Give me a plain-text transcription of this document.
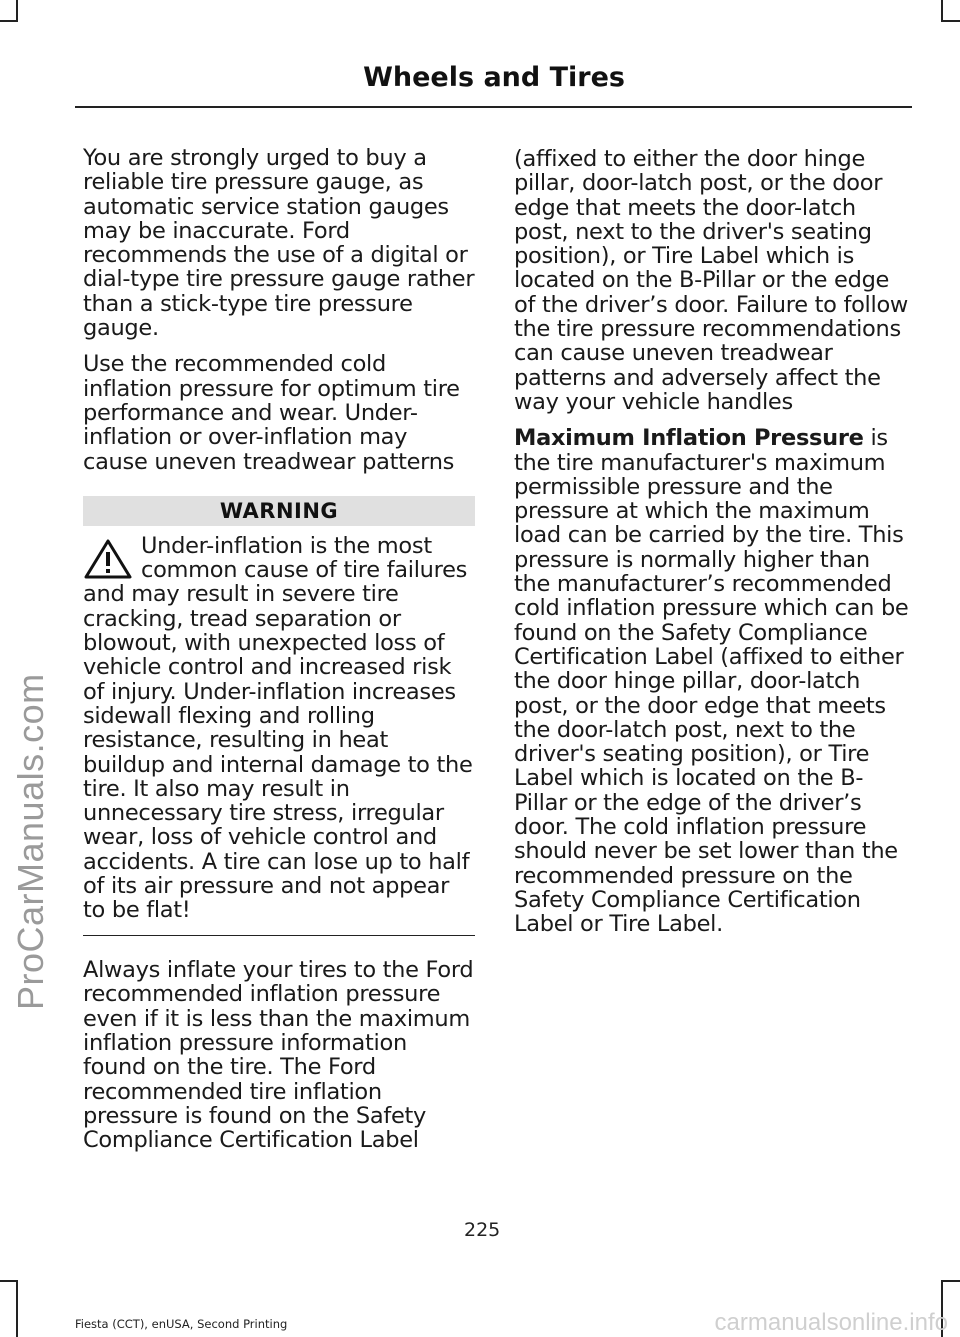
ProCarManuals.com
Wheels and Tires

You are strongly urged to buy a reliable tire pressure gauge, as automatic service station gauges may be inaccurate. Ford recommends the use of a digital or dial-type tire pressure gauge rather than a stick-type tire pressure gauge.

Use the recommended cold inflation pressure for optimum tire performance and wear. Under-inflation or over-inflation may cause uneven treadwear patterns

WARNING
Under-inflation is the most common cause of tire failures and may result in severe tire cracking, tread separation or blowout, with unexpected loss of vehicle control and increased risk of injury. Under-inflation increases sidewall flexing and rolling resistance, resulting in heat buildup and internal damage to the tire. It also may result in unnecessary tire stress, irregular wear, loss of vehicle control and accidents. A tire can lose up to half of its air pressure and not appear to be flat!

Always inflate your tires to the Ford recommended inflation pressure even if it is less than the maximum inflation pressure information found on the tire. The Ford recommended tire inflation pressure is found on the Safety Compliance Certification Label

(affixed to either the door hinge pillar, door-latch post, or the door edge that meets the door-latch post, next to the driver's seating position), or Tire Label which is located on the B-Pillar or the edge of the driver’s door. Failure to follow the tire pressure recommendations can cause uneven treadwear patterns and adversely affect the way your vehicle handles

Maximum Inflation Pressure is the tire manufacturer's maximum permissible pressure and the pressure at which the maximum load can be carried by the tire. This pressure is normally higher than the manufacturer’s recommended cold inflation pressure which can be found on the Safety Compliance Certification Label (affixed to either the door hinge pillar, door-latch post, or the door edge that meets the door-latch post, next to the driver's seating position), or Tire Label which is located on the B-Pillar or the edge of the driver’s door. The cold inflation pressure should never be set lower than the recommended pressure on the Safety Compliance Certification Label or Tire Label.

225
Fiesta (CCT), enUSA, Second Printing	carmanualsonline.info
